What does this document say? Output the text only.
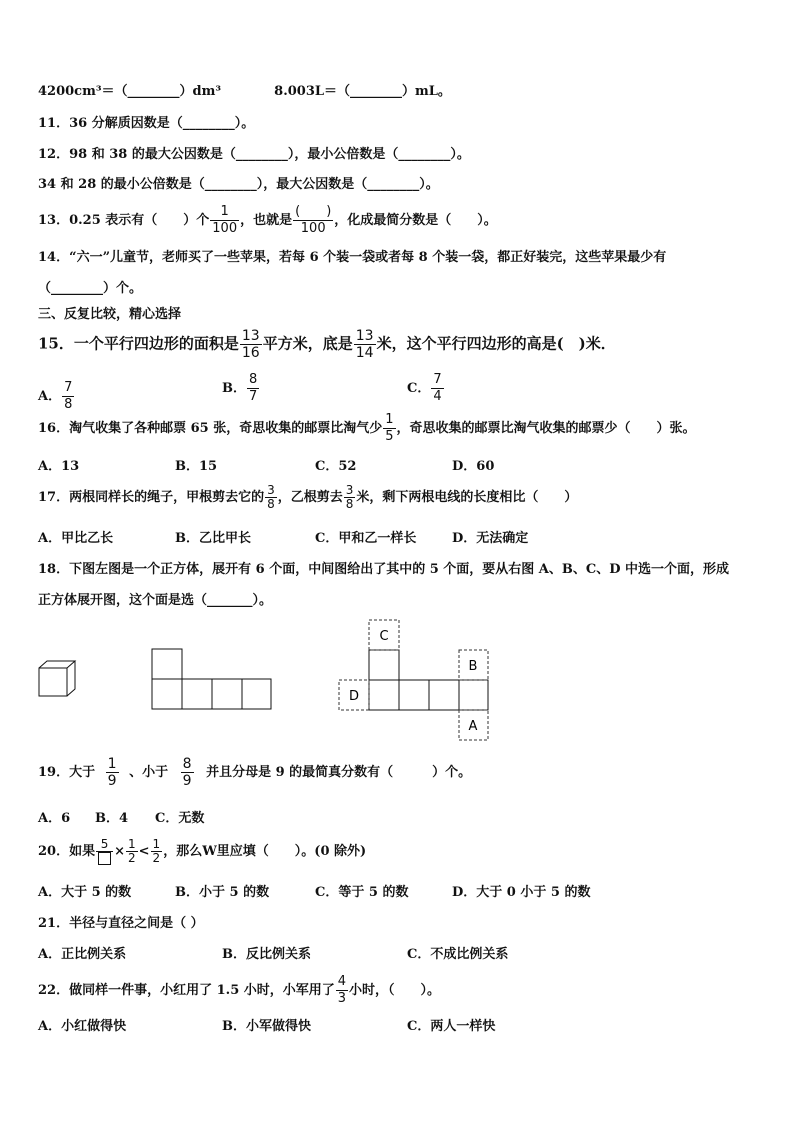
4200cm³＝（________）dm³	8.003L＝（________）mL。
11．36 分解质因数是（________）。
12．98 和 38 的最大公因数是（________），最小公倍数是（________）。
34 和 28 的最小公倍数是（________），最大公因数是（________）。
13．0.25 表示有（　　）个 $\frac{1}{100}$ ，也就是 $\frac{( )}{100}$ ，化成最简分数是（　　）。
14．“六一”儿童节，老师买了一些苹果，若每 6 个装一袋或者每 8 个装一袋，都正好装完，这些苹果最少有
（________）个。
三、反复比较，精心选择
15．一个平行四边形的面积是 $\frac{13}{16}$ 平方米，底是 $\frac{13}{14}$ 米，这个平行四边形的高是(　)米．
A． $\frac{7}{8}$	B． $\frac{8}{7}$	C． $\frac{7}{4}$
16．淘气收集了各种邮票 65 张，奇思收集的邮票比淘气少 $\frac{1}{5}$ ，奇思收集的邮票比淘气收集的邮票少（　　）张。
A．13	B．15	C．52	D．60
17．两根同样长的绳子，甲根剪去它的 $\frac{3}{8}$ ，乙根剪去 $\frac{3}{8}$ 米，剩下两根电线的长度相比（　　）
A．甲比乙长	B．乙比甲长	C．甲和乙一样长	D．无法确定
18．下图左图是一个正方体，展开有 6 个面，中间图给出了其中的 5 个面，要从右图 A、B、C、D 中选一个面，形成
正方体展开图，这个面是选（_______）。
C
B
D
A
19．大于 $\frac{1}{9}$ 、小于 $\frac{8}{9}$ 并且分母是 9 的最简真分数有（　　　）个。
A．6 B．4 C．无数
20．如果 $5 \times \frac{1}{2} < \frac{1}{2}$ ，那么W里应填（　　）。(0 除外)
A．大于 5 的数	B．小于 5 的数	C．等于 5 的数	D．大于 0 小于 5 的数
21．半径与直径之间是（ ）
A．正比例关系	B．反比例关系	C．不成比例关系
22．做同样一件事，小红用了 1.5 小时，小军用了 $\frac{4}{3}$ 小时，（　　）。
A．小红做得快	B．小军做得快	C．两人一样快
